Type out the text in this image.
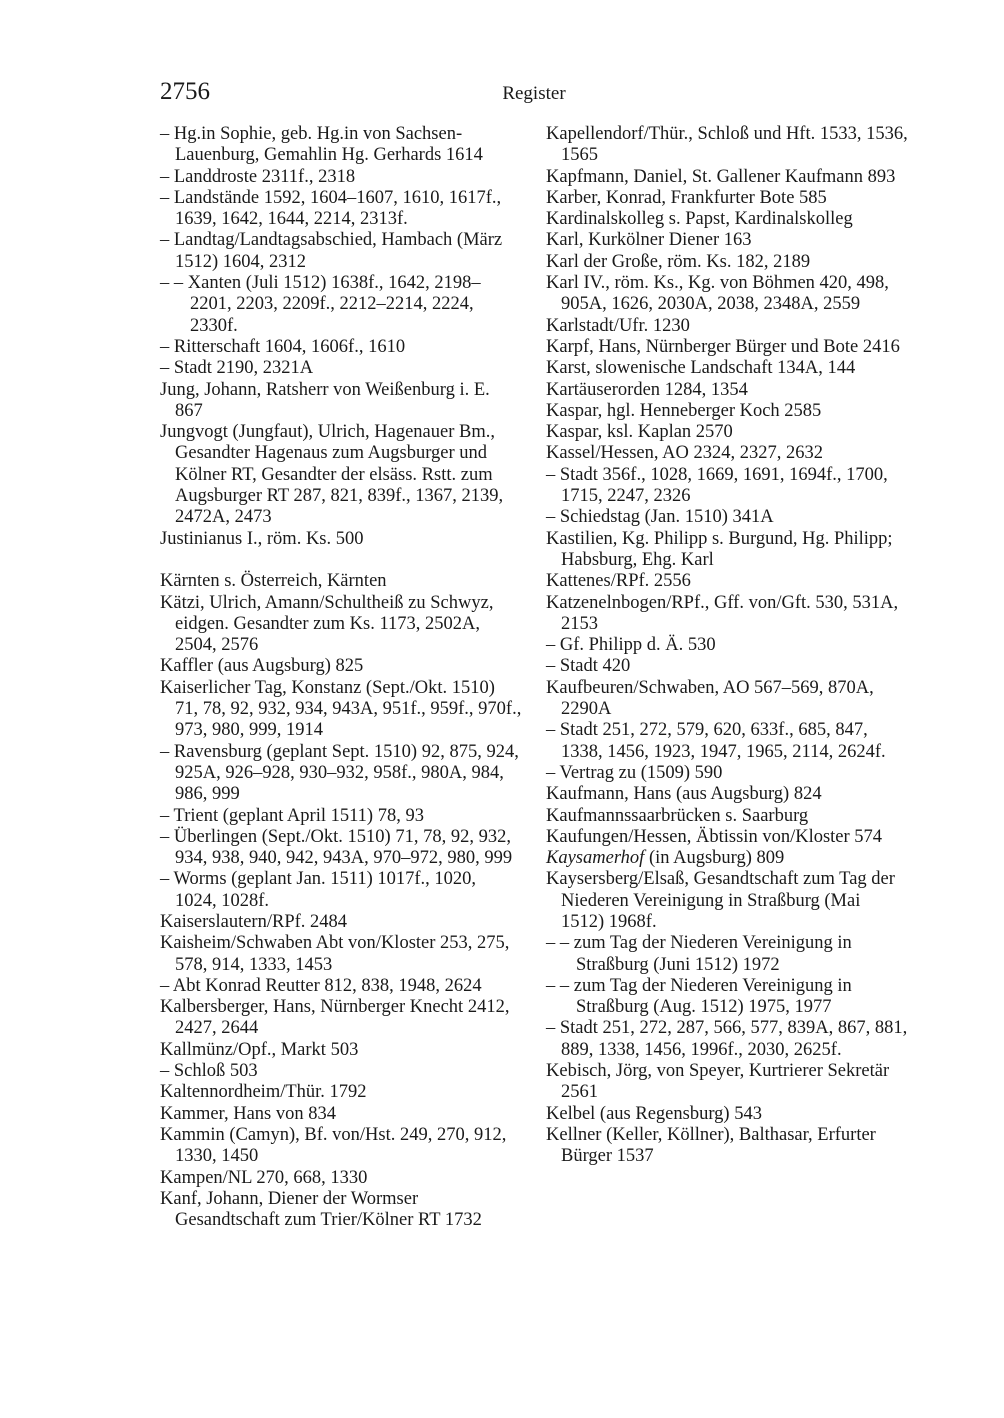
2756	Register

– Hg.in Sophie, geb. Hg.in von Sachsen-Lauenburg, Gemahlin Hg. Gerhards 1614

– Landdroste 2311f., 2318

– Landstände 1592, 1604–1607, 1610, 1617f., 1639, 1642, 1644, 2214, 2313f.

– Landtag/Landtagsabschied, Hambach (März 1512) 1604, 2312

– – Xanten (Juli 1512) 1638f., 1642, 2198–2201, 2203, 2209f., 2212–2214, 2224, 2330f.

– Ritterschaft 1604, 1606f., 1610

– Stadt 2190, 2321A

Jung, Johann, Ratsherr von Weißenburg i. E. 867

Jungvogt (Jungfaut), Ulrich, Hagenauer Bm., Gesandter Hagenaus zum Augsburger und Kölner RT, Gesandter der elsäss. Rstt. zum Augsburger RT 287, 821, 839f., 1367, 2139, 2472A, 2473

Justinianus I., röm. Ks. 500

Kärnten s. Österreich, Kärnten

Kätzi, Ulrich, Amann/Schultheiß zu Schwyz, eidgen. Gesandter zum Ks. 1173, 2502A, 2504, 2576

Kaffler (aus Augsburg) 825

Kaiserlicher Tag, Konstanz (Sept./Okt. 1510) 71, 78, 92, 932, 934, 943A, 951f., 959f., 970f., 973, 980, 999, 1914

– Ravensburg (geplant Sept. 1510) 92, 875, 924, 925A, 926–928, 930–932, 958f., 980A, 984, 986, 999

– Trient (geplant April 1511) 78, 93

– Überlingen (Sept./Okt. 1510) 71, 78, 92, 932, 934, 938, 940, 942, 943A, 970–972, 980, 999

– Worms (geplant Jan. 1511) 1017f., 1020, 1024, 1028f.

Kaiserslautern/RPf. 2484

Kaisheim/Schwaben Abt von/Kloster 253, 275, 578, 914, 1333, 1453

– Abt Konrad Reutter 812, 838, 1948, 2624

Kalbersberger, Hans, Nürnberger Knecht 2412, 2427, 2644

Kallmünz/Opf., Markt 503

– Schloß 503

Kaltennordheim/Thür. 1792

Kammer, Hans von 834

Kammin (Camyn), Bf. von/Hst. 249, 270, 912, 1330, 1450

Kampen/NL 270, 668, 1330

Kanf, Johann, Diener der Wormser Gesandtschaft zum Trier/Kölner RT 1732

Kapellendorf/Thür., Schloß und Hft. 1533, 1536, 1565

Kapfmann, Daniel, St. Gallener Kaufmann 893

Karber, Konrad, Frankfurter Bote 585

Kardinalskolleg s. Papst, Kardinalskolleg

Karl, Kurkölner Diener 163

Karl der Große, röm. Ks. 182, 2189

Karl IV., röm. Ks., Kg. von Böhmen 420, 498, 905A, 1626, 2030A, 2038, 2348A, 2559

Karlstadt/Ufr. 1230

Karpf, Hans, Nürnberger Bürger und Bote 2416

Karst, slowenische Landschaft 134A, 144

Kartäuserorden 1284, 1354

Kaspar, hgl. Henneberger Koch 2585

Kaspar, ksl. Kaplan 2570

Kassel/Hessen, AO 2324, 2327, 2632

– Stadt 356f., 1028, 1669, 1691, 1694f., 1700, 1715, 2247, 2326

– Schiedstag (Jan. 1510) 341A

Kastilien, Kg. Philipp s. Burgund, Hg. Philipp; Habsburg, Ehg. Karl

Kattenes/RPf. 2556

Katzenelnbogen/RPf., Gff. von/Gft. 530, 531A, 2153

– Gf. Philipp d. Ä. 530

– Stadt 420

Kaufbeuren/Schwaben, AO 567–569, 870A, 2290A

– Stadt 251, 272, 579, 620, 633f., 685, 847, 1338, 1456, 1923, 1947, 1965, 2114, 2624f.

– Vertrag zu (1509) 590

Kaufmann, Hans (aus Augsburg) 824

Kaufmannssaarbrücken s. Saarburg

Kaufungen/Hessen, Äbtissin von/Kloster 574

Kaysamerhof (in Augsburg) 809

Kaysersberg/Elsaß, Gesandtschaft zum Tag der Niederen Vereinigung in Straßburg (Mai 1512) 1968f.

– – zum Tag der Niederen Vereinigung in Straßburg (Juni 1512) 1972

– – zum Tag der Niederen Vereinigung in Straßburg (Aug. 1512) 1975, 1977

– Stadt 251, 272, 287, 566, 577, 839A, 867, 881, 889, 1338, 1456, 1996f., 2030, 2625f.

Kebisch, Jörg, von Speyer, Kurtrierer Sekretär 2561

Kelbel (aus Regensburg) 543

Kellner (Keller, Köllner), Balthasar, Erfurter Bürger 1537
